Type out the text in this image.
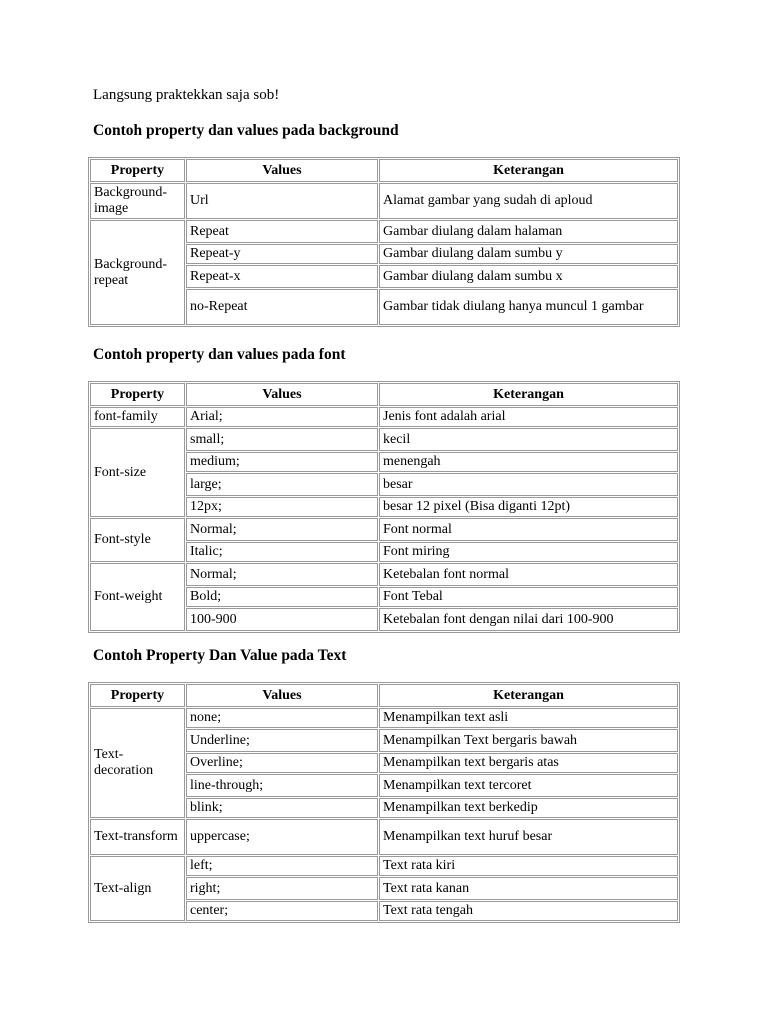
Langsung praktekkan saja sob!
Contoh property dan values pada background
Property	Values	Keterangan
Background-image	Url	Alamat gambar yang sudah di aploud
Background-repeat	Repeat	Gambar diulang dalam halaman
	Repeat-y	Gambar diulang dalam sumbu y
	Repeat-x	Gambar diulang dalam sumbu x
	no-Repeat	Gambar tidak diulang hanya muncul 1 gambar
Contoh property dan values pada font
Property	Values	Keterangan
font-family	Arial;	Jenis font adalah arial
Font-size	small;	kecil
	medium;	menengah
	large;	besar
	12px;	besar 12 pixel (Bisa diganti 12pt)
Font-style	Normal;	Font normal
	Italic;	Font miring
Font-weight	Normal;	Ketebalan font normal
	Bold;	Font Tebal
	100-900	Ketebalan font dengan nilai dari 100-900
Contoh Property Dan Value pada Text
Property	Values	Keterangan
Text-decoration	none;	Menampilkan text asli
	Underline;	Menampilkan Text bergaris bawah
	Overline;	Menampilkan text bergaris atas
	line-through;	Menampilkan text tercoret
	blink;	Menampilkan text berkedip
Text-transform	uppercase;	Menampilkan text huruf besar
Text-align	left;	Text rata kiri
	right;	Text rata kanan
	center;	Text rata tengah
